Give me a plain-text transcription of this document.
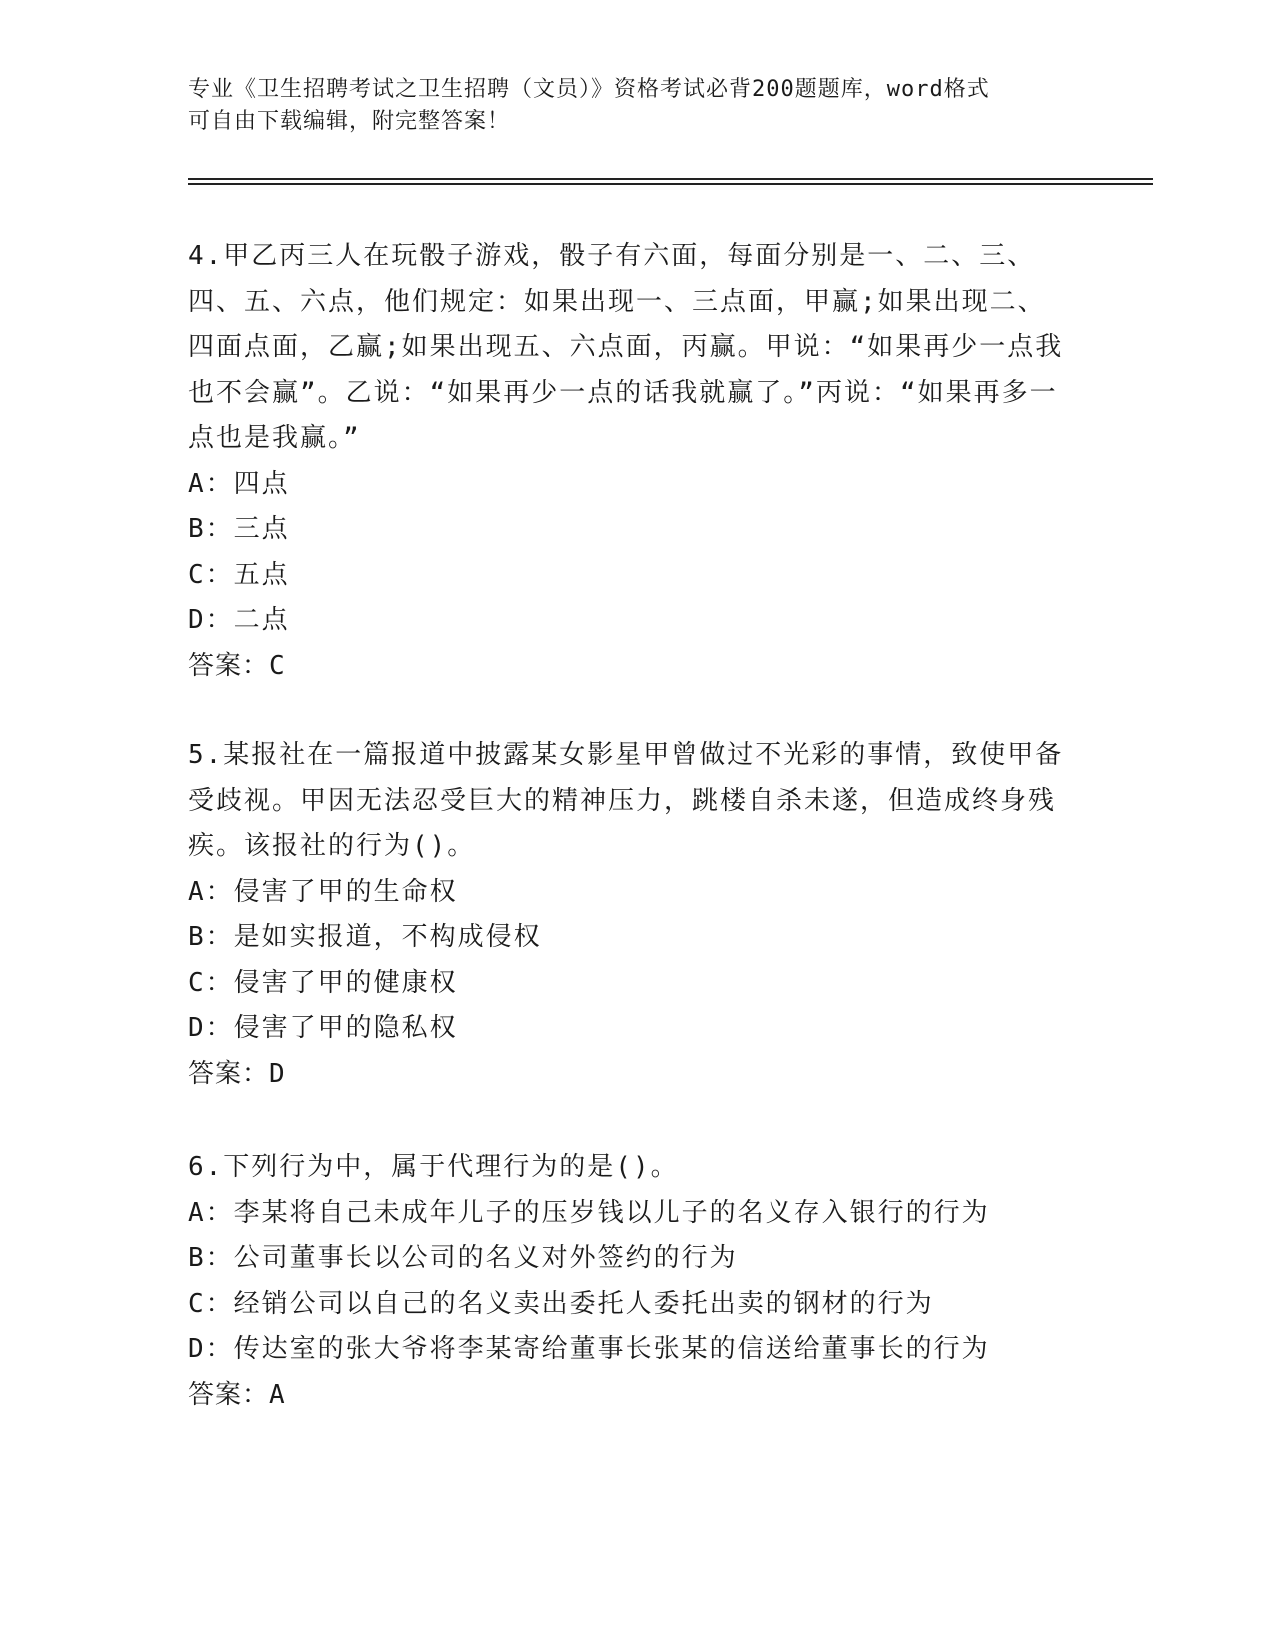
专业《卫生招聘考试之卫生招聘（文员）》资格考试必背200题题库，word格式
可自由下载编辑，附完整答案！

4.甲乙丙三人在玩骰子游戏，骰子有六面，每面分别是一、二、三、四、五、六点，他们规定：如果出现一、三点面，甲赢;如果出现二、四面点面，乙赢;如果出现五、六点面，丙赢。甲说：“如果再少一点我也不会赢”。乙说：“如果再少一点的话我就赢了。”丙说：“如果再多一点也是我赢。”

A：四点
B：三点
C：五点
D：二点
答案：C

5.某报社在一篇报道中披露某女影星甲曾做过不光彩的事情，致使甲备受歧视。甲因无法忍受巨大的精神压力，跳楼自杀未遂，但造成终身残疾。该报社的行为()。

A：侵害了甲的生命权
B：是如实报道，不构成侵权
C：侵害了甲的健康权
D：侵害了甲的隐私权
答案：D

6.下列行为中，属于代理行为的是()。

A：李某将自己未成年儿子的压岁钱以儿子的名义存入银行的行为
B：公司董事长以公司的名义对外签约的行为
C：经销公司以自己的名义卖出委托人委托出卖的钢材的行为
D：传达室的张大爷将李某寄给董事长张某的信送给董事长的行为
答案：A
